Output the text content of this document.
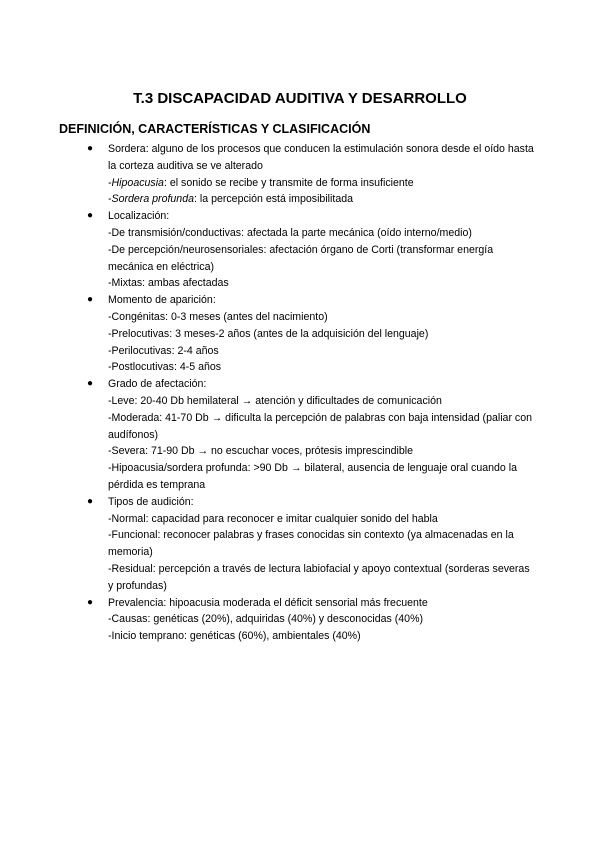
T.3 DISCAPACIDAD AUDITIVA Y DESARROLLO
DEFINICIÓN, CARACTERÍSTICAS Y CLASIFICACIÓN
● Sordera: alguno de los procesos que conducen la estimulación sonora desde el oído hasta la corteza auditiva se ve alterado
-Hipoacusia: el sonido se recibe y transmite de forma insuficiente
-Sordera profunda: la percepción está imposibilitada
● Localización:
-De transmisión/conductivas: afectada la parte mecánica (oído interno/medio)
-De percepción/neurosensoriales: afectación órgano de Corti (transformar energía mecánica en eléctrica)
-Mixtas: ambas afectadas
● Momento de aparición:
-Congénitas: 0-3 meses (antes del nacimiento)
-Prelocutivas: 3 meses-2 años (antes de la adquisición del lenguaje)
-Perilocutivas: 2-4 años
-Postlocutivas: 4-5 años
● Grado de afectación:
-Leve: 20-40 Db hemilateral → atención y dificultades de comunicación
-Moderada: 41-70 Db → dificulta la percepción de palabras con baja intensidad (paliar con audífonos)
-Severa: 71-90 Db → no escuchar voces, prótesis imprescindible
-Hipoacusia/sordera profunda: >90 Db → bilateral, ausencia de lenguaje oral cuando la pérdida es temprana
● Tipos de audición:
-Normal: capacidad para reconocer e imitar cualquier sonido del habla
-Funcional: reconocer palabras y frases conocidas sin contexto (ya almacenadas en la memoria)
-Residual: percepción a través de lectura labiofacial y apoyo contextual (sorderas severas y profundas)
● Prevalencia: hipoacusia moderada el déficit sensorial más frecuente
-Causas: genéticas (20%), adquiridas (40%) y desconocidas (40%)
-Inicio temprano: genéticas (60%), ambientales (40%)
